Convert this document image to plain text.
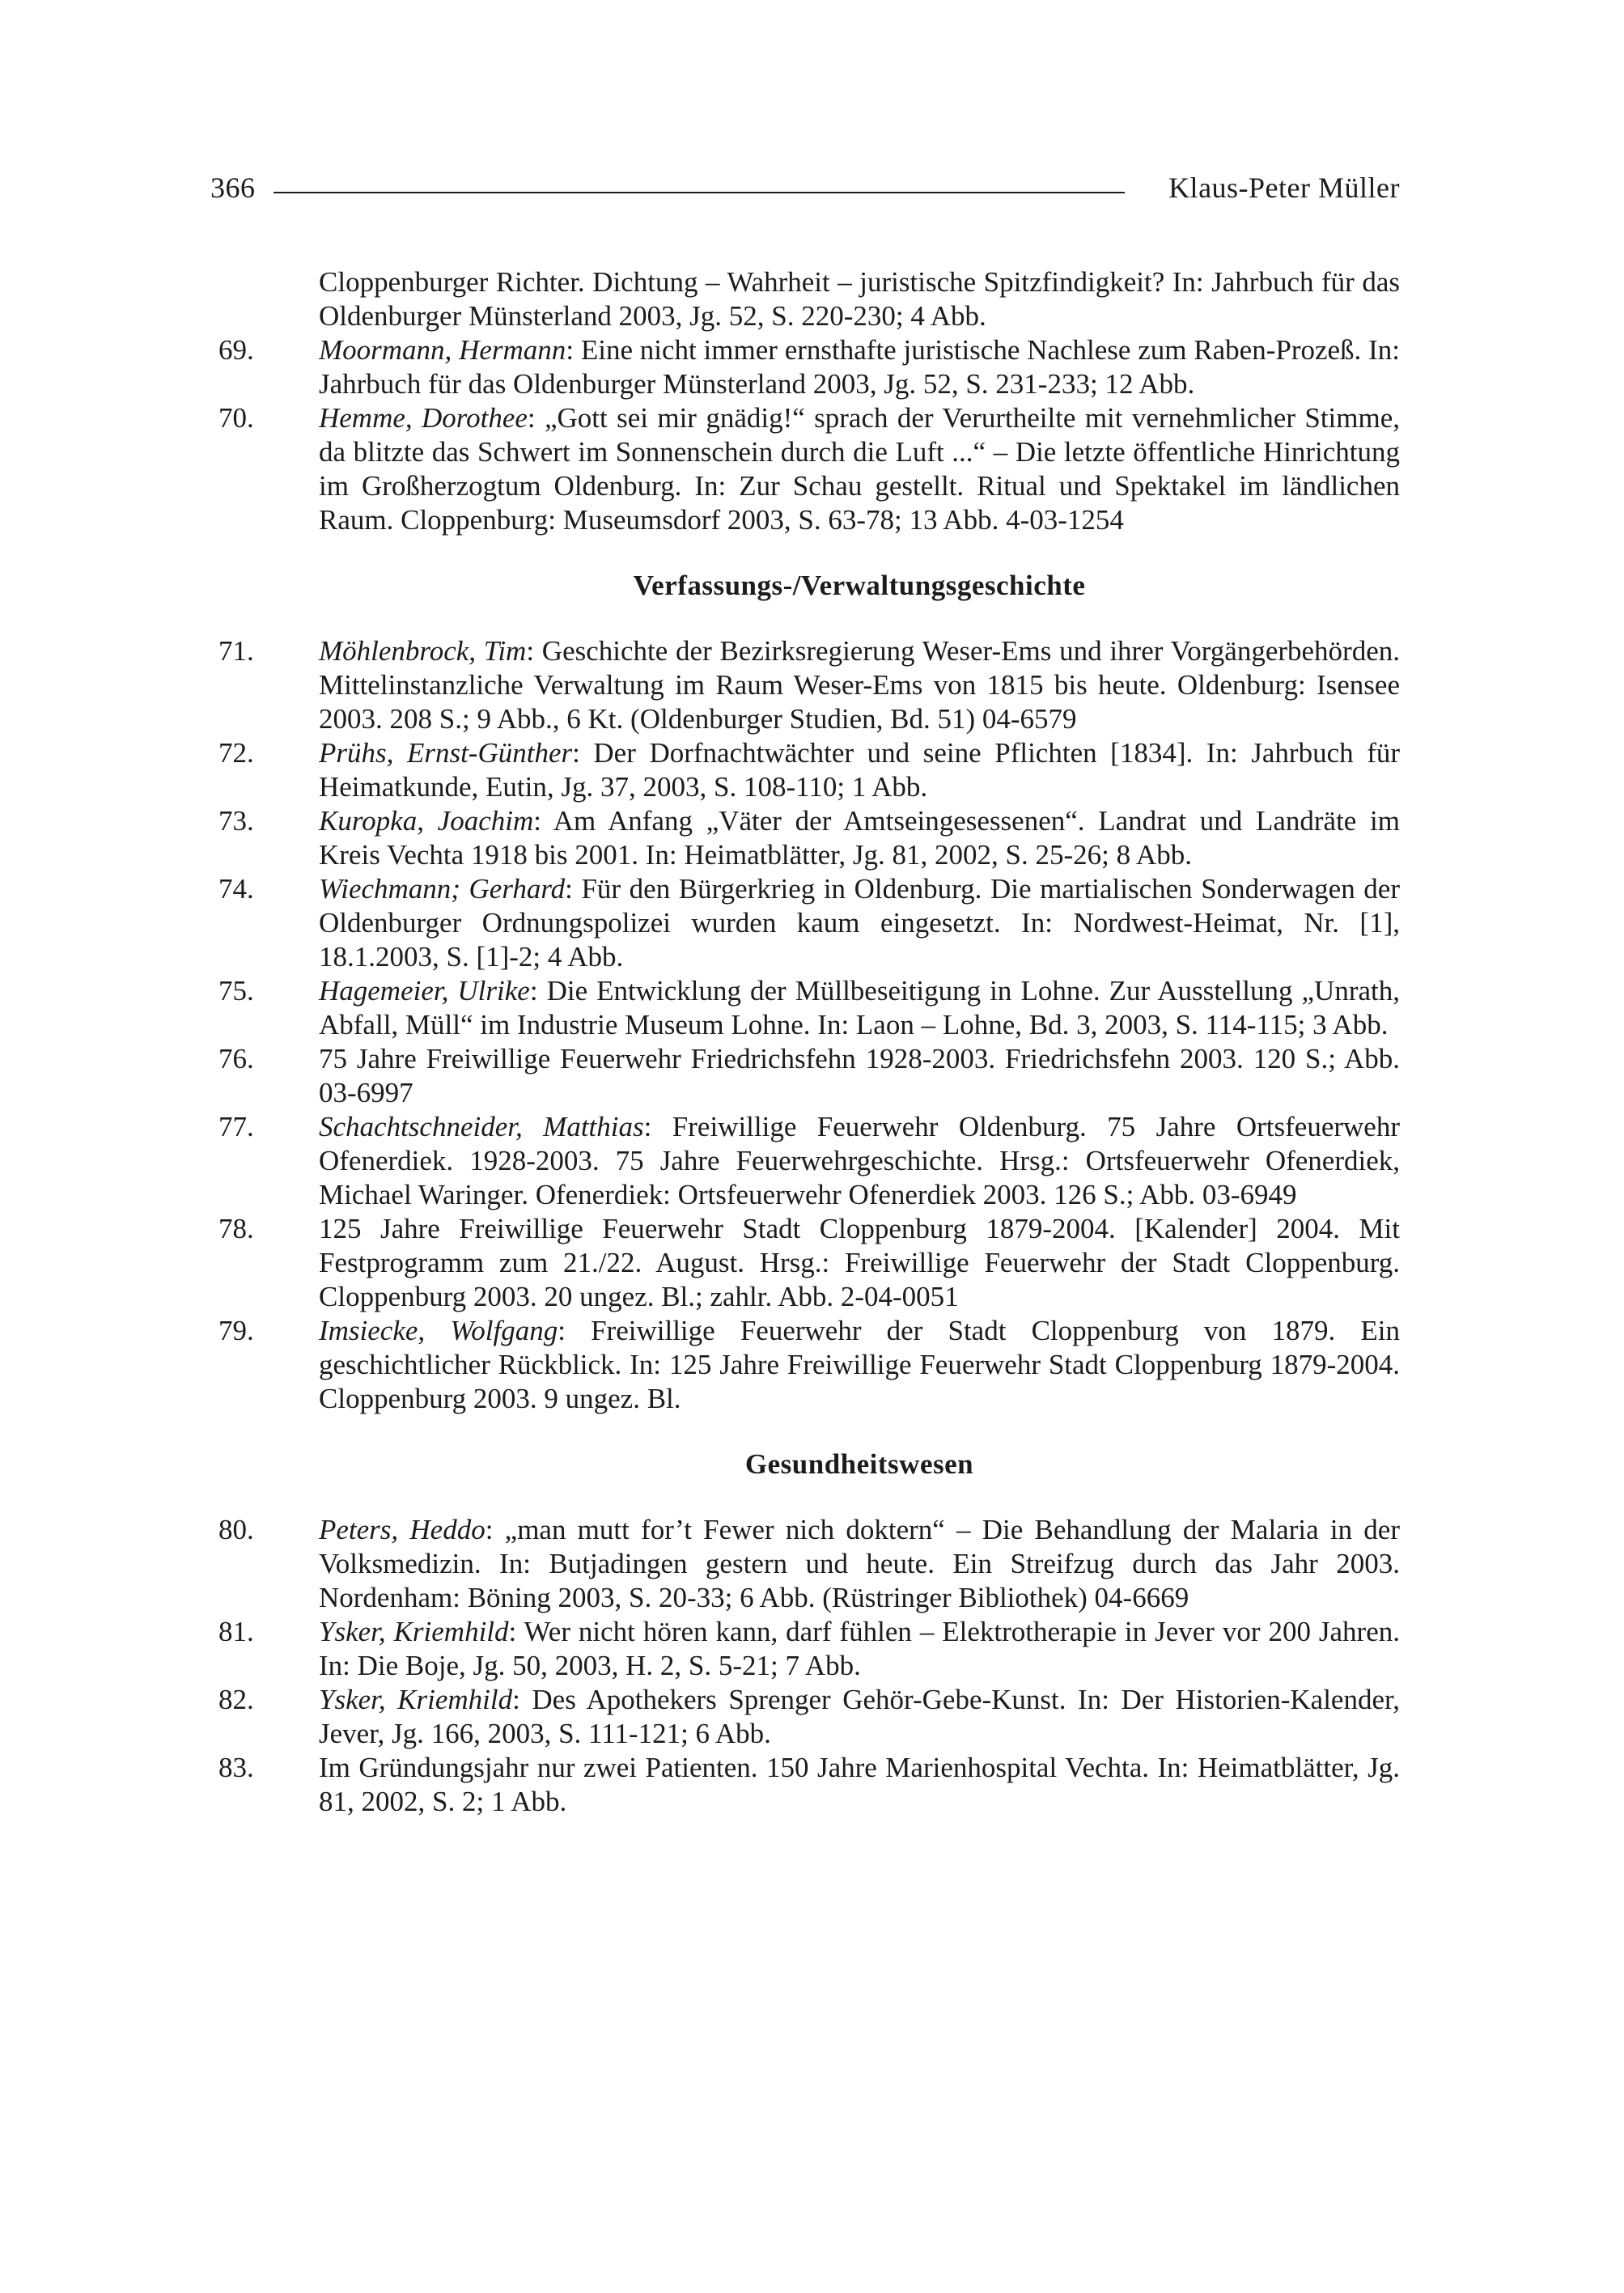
366	Klaus-Peter Müller
Cloppenburger Richter. Dichtung – Wahrheit – juristische Spitzfindigkeit? In: Jahrbuch für das Oldenburger Münsterland 2003, Jg. 52, S. 220-230; 4 Abb.
69. Moormann, Hermann: Eine nicht immer ernsthafte juristische Nachlese zum Raben-Prozeß. In: Jahrbuch für das Oldenburger Münsterland 2003, Jg. 52, S. 231-233; 12 Abb.
70. Hemme, Dorothee: „Gott sei mir gnädig!“ sprach der Verurtheilte mit vernehmlicher Stimme, da blitzte das Schwert im Sonnenschein durch die Luft ...“ – Die letzte öffentliche Hinrichtung im Großherzogtum Oldenburg. In: Zur Schau gestellt. Ritual und Spektakel im ländlichen Raum. Cloppenburg: Museumsdorf 2003, S. 63-78; 13 Abb. 4-03-1254
Verfassungs-/Verwaltungsgeschichte
71. Möhlenbrock, Tim: Geschichte der Bezirksregierung Weser-Ems und ihrer Vorgängerbehörden. Mittelinstanzliche Verwaltung im Raum Weser-Ems von 1815 bis heute. Oldenburg: Isensee 2003. 208 S.; 9 Abb., 6 Kt. (Oldenburger Studien, Bd. 51) 04-6579
72. Prühs, Ernst-Günther: Der Dorfnachtwächter und seine Pflichten [1834]. In: Jahrbuch für Heimatkunde, Eutin, Jg. 37, 2003, S. 108-110; 1 Abb.
73. Kuropka, Joachim: Am Anfang „Väter der Amtseingesessenen“. Landrat und Landräte im Kreis Vechta 1918 bis 2001. In: Heimatblätter, Jg. 81, 2002, S. 25-26; 8 Abb.
74. Wiechmann; Gerhard: Für den Bürgerkrieg in Oldenburg. Die martialischen Sonderwagen der Oldenburger Ordnungspolizei wurden kaum eingesetzt. In: Nordwest-Heimat, Nr. [1], 18.1.2003, S. [1]-2; 4 Abb.
75. Hagemeier, Ulrike: Die Entwicklung der Müllbeseitigung in Lohne. Zur Ausstellung „Unrath, Abfall, Müll“ im Industrie Museum Lohne. In: Laon – Lohne, Bd. 3, 2003, S. 114-115; 3 Abb.
76. 75 Jahre Freiwillige Feuerwehr Friedrichsfehn 1928-2003. Friedrichsfehn 2003. 120 S.; Abb. 03-6997
77. Schachtschneider, Matthias: Freiwillige Feuerwehr Oldenburg. 75 Jahre Ortsfeuerwehr Ofenerdiek. 1928-2003. 75 Jahre Feuerwehrgeschichte. Hrsg.: Ortsfeuerwehr Ofenerdiek, Michael Waringer. Ofenerdiek: Ortsfeuerwehr Ofenerdiek 2003. 126 S.; Abb. 03-6949
78. 125 Jahre Freiwillige Feuerwehr Stadt Cloppenburg 1879-2004. [Kalender] 2004. Mit Festprogramm zum 21./22. August. Hrsg.: Freiwillige Feuerwehr der Stadt Cloppenburg. Cloppenburg 2003. 20 ungez. Bl.; zahlr. Abb. 2-04-0051
79. Imsiecke, Wolfgang: Freiwillige Feuerwehr der Stadt Cloppenburg von 1879. Ein geschichtlicher Rückblick. In: 125 Jahre Freiwillige Feuerwehr Stadt Cloppenburg 1879-2004. Cloppenburg 2003. 9 ungez. Bl.
Gesundheitswesen
80. Peters, Heddo: „man mutt for’t Fewer nich doktern“ – Die Behandlung der Malaria in der Volksmedizin. In: Butjadingen gestern und heute. Ein Streifzug durch das Jahr 2003. Nordenham: Böning 2003, S. 20-33; 6 Abb. (Rüstringer Bibliothek) 04-6669
81. Ysker, Kriemhild: Wer nicht hören kann, darf fühlen – Elektrotherapie in Jever vor 200 Jahren. In: Die Boje, Jg. 50, 2003, H. 2, S. 5-21; 7 Abb.
82. Ysker, Kriemhild: Des Apothekers Sprenger Gehör-Gebe-Kunst. In: Der Historien-Kalender, Jever, Jg. 166, 2003, S. 111-121; 6 Abb.
83. Im Gründungsjahr nur zwei Patienten. 150 Jahre Marienhospital Vechta. In: Heimatblätter, Jg. 81, 2002, S. 2; 1 Abb.
